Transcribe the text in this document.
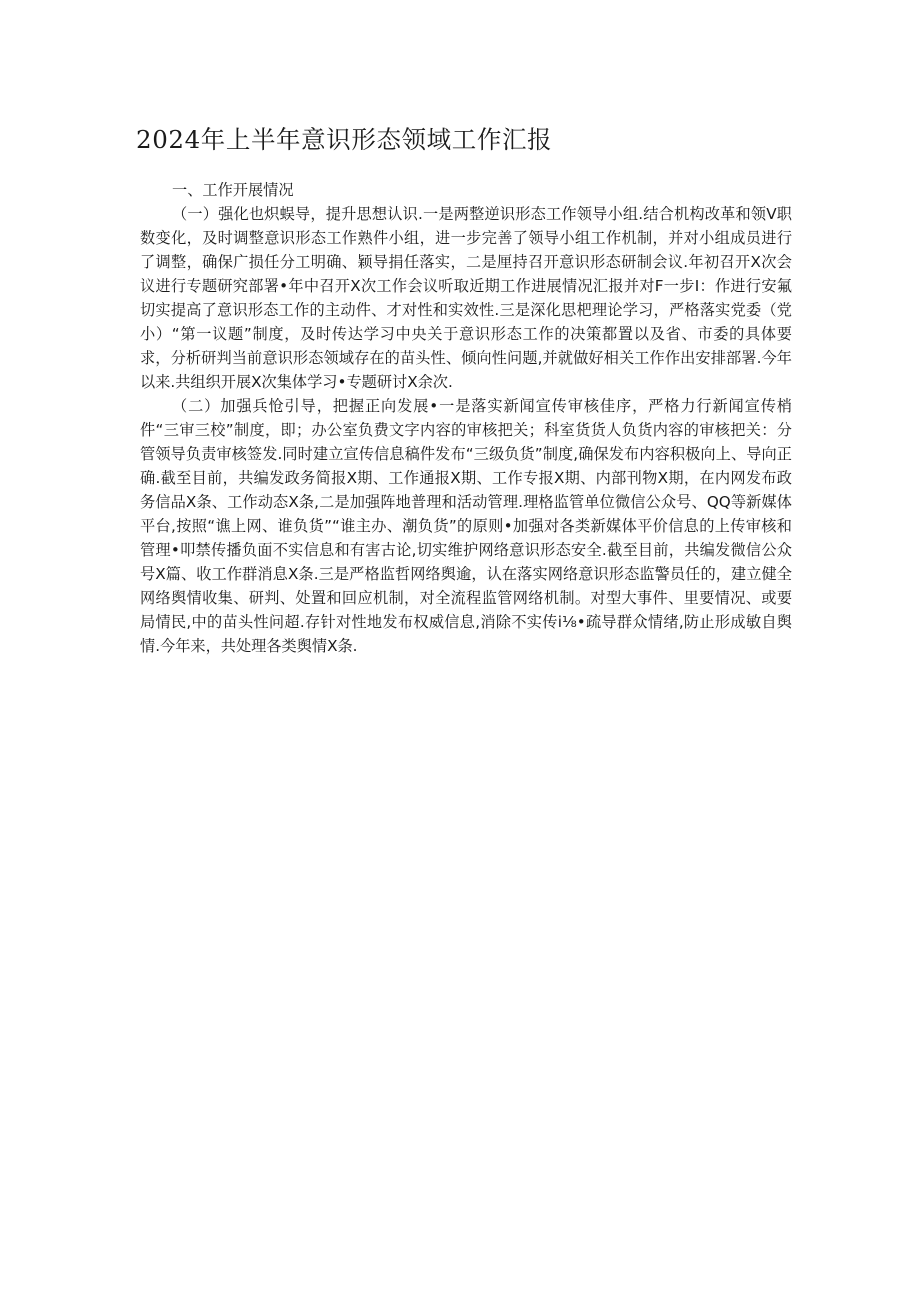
2024年上半年意识形态领域工作汇报

一、工作开展情况

（一）强化也炽蜈导，提升思想认识.一是两整逆识形态工作领导小组.结合机构改革和领V职数变化，及时调整意识形态工作熟件小组，进一步完善了领导小组工作机制，并对小组成员进行了调整，确保广损任分工明确、颖导捐任落实，二是厘持召开意识形态研制会议.年初召开X次会议进行专题研究部署•年中召开X次工作会议听取近期工作进展情况汇报并对F一步I：作进行安氟切实提高了意识形态工作的主动件、才对性和实效性.三是深化思杷理论学习，严格落实党委（党小）“第一议题”制度，及时传达学习中央关于意识形态工作的决策都置以及省、市委的具体要求，分析研判当前意识形态领域存在的苗头性、倾向性问题,并就做好相关工作作出安排部署.今年以来.共组织开展X次集体学习•专题研讨X余次.

（二）加强兵怆引导，把握正向发展•一是落实新闻宣传审核佳序，严格力行新闻宣传梢件“三审三校”制度，即；办公室负费文字内容的审核把关；科室货货人负货内容的审核把关：分管领导负责审核签发.同时建立宣传信息稿件发布“三级负货”制度,确保发布内容积极向上、导向正确.截至目前，共编发政务简报X期、工作通报X期、工作专报X期、内部刊物X期，在内网发布政务信品X条、工作动态X条,二是加强阵地普理和活动管理.理格监管单位微信公众号、QQ等新媒体平台,按照“谯上网、谁负货”“谁主办、潮负货”的原则•加强对各类新媒体平价信息的上传审核和管理•叩禁传播负面不实信息和有害古论,切实维护网络意识形态安全.截至目前，共编发微信公众号X篇、收工作群消息X条.三是严格监哲网络舆逾，认在落实网络意识形态监警员任的，建立健全网络舆情收集、研判、处置和回应机制，对全流程监管网络机制。对型大事件、里要情况、或要局情民,中的苗头性问超.存针对性地发布权威信息,消除不实传i⅛•疏导群众情绪,防止形成敏自舆情.今年来，共处理各类舆情X条.
